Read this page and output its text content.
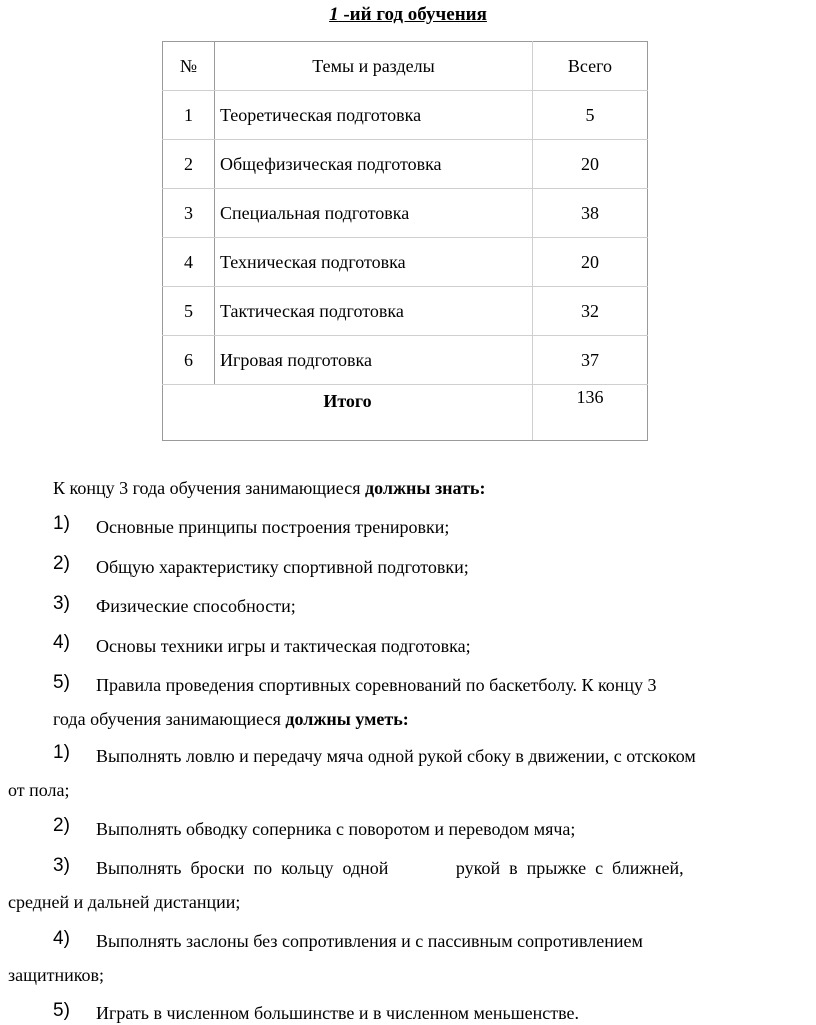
1 -ий год обучения
№	Темы и разделы	Всего
1	Теоретическая подготовка	5
2	Общефизическая подготовка	20
3	Специальная подготовка	38
4	Техническая подготовка	20
5	Тактическая подготовка	32
6	Игровая подготовка	37
Итого		136
К концу 3 года обучения занимающиеся должны знать:
1) Основные принципы построения тренировки;
2) Общую характеристику спортивной подготовки;
3) Физические способности;
4) Основы техники игры и тактическая подготовка;
5) Правила проведения спортивных соревнований по баскетболу. К концу 3
года обучения занимающиеся должны уметь:
1) Выполнять ловлю и передачу мяча одной рукой сбоку в движении, с отскоком
от пола;
2) Выполнять обводку соперника с поворотом и переводом мяча;
3) Выполнять  броски  по  кольцу  одной               рукой  в  прыжке  с  ближней,
средней и дальней дистанции;
4) Выполнять заслоны без сопротивления и с пассивным сопротивлением
защитников;
5) Играть в численном большинстве и в численном меньшенстве.
